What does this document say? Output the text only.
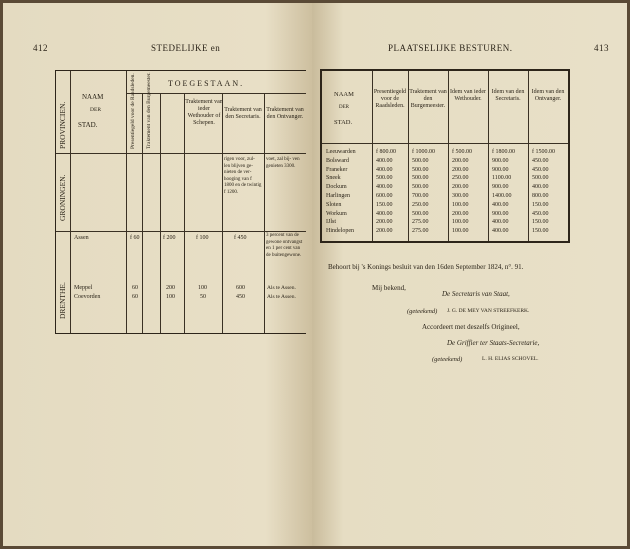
412	STEDELIJKE en
PROVINCIEN.
GRONINGEN.
DRENTHE.
NAAM
DER
STAD.
TOEGESTAAN.
Presentiegeld voor de Raadsleden. Traktement van den Burgemeester.	Traktement van ieder Wethouder of Schepen.
Traktement van den Secretaris.
Traktement van den Ontvanger.
rigen voor, zul- len blijven ge- nieten de ver- hooging van f 1800 en de twintig f 1200.
voet, zal bij- ven genieten 3300.
Assen	f 60	f 200	f 100	f 450	3 percent van de gewone ontvangst en 1 per cent van de buitengewone.
Meppel	60	200	100	600	Als te Assen.
Coevorden	60	100	50	450	Als te Assen.
PLAATSELIJKE BESTUREN.	413
NAAM
DER
STAD.
Presentiegeld voor de Raadsleden.
Traktement van den Burgemeester.
Idem van ieder Wethouder.
Idem van den Secretaris.
Idem van den Ontvanger.
Leeuwarden	f 800.00	f 1000.00	f 500.00	f 1800.00	f 1500.00
Bolsward	400.00	500.00	200.00	900.00	450.00
Franeker	400.00	500.00	200.00	900.00	450.00
Sneek	500.00	500.00	250.00	1100.00	500.00
Dockum	400.00	500.00	200.00	900.00	400.00
Harlingen	600.00	700.00	300.00	1400.00	800.00
Sloten	150.00	250.00	100.00	400.00	150.00
Workum	400.00	500.00	200.00	900.00	450.00
IJlst	200.00	275.00	100.00	400.00	150.00
Hindelopen	200.00	275.00	100.00	400.00	150.00
Behoort bij 's Konings besluit van den 16den September 1824, n°. 91.
Mij bekend,
De Secretaris van Staat,
(geteekend) J. G. DE MEY VAN STREEFKERK.
Accordeert met deszelfs Origineel,
De Griffier ter Staats-Secretarie,
(geteekend)	L. H. ELIAS SCHOVEL.
